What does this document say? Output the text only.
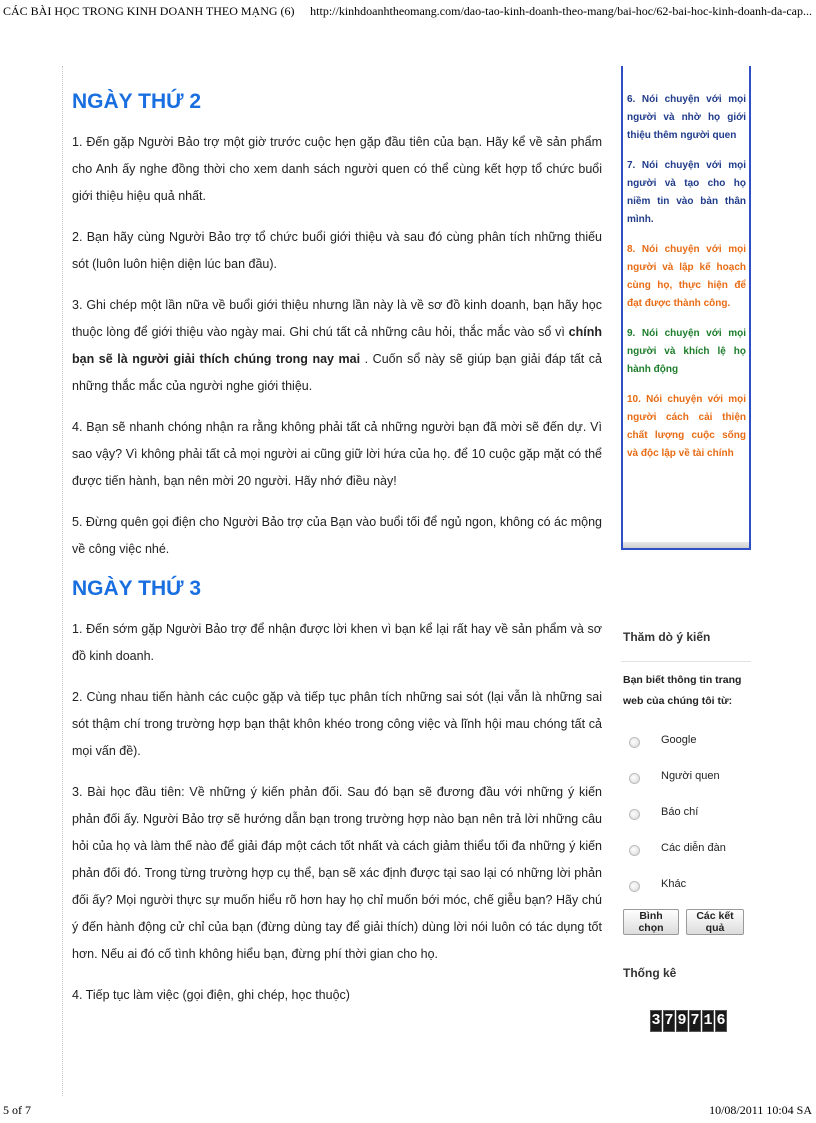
CÁC BÀI HỌC TRONG KINH DOANH THEO MẠNG (6) http://kinhdoanhtheomang.com/dao-tao-kinh-doanh-theo-mang/bai-hoc/62-bai-hoc-kinh-doanh-da-cap...
NGÀY THỨ 2

1. Đến gặp Người Bảo trợ một giờ trước cuộc hẹn gặp đầu tiên của bạn. Hãy kể về sản phẩm cho Anh ấy nghe đồng thời cho xem danh sách người quen có thể cùng kết hợp tổ chức buổi giới thiệu hiệu quả nhất.

2. Bạn hãy cùng Người Bảo trợ tổ chức buổi giới thiệu và sau đó cùng phân tích những thiếu sót (luôn luôn hiện diện lúc ban đầu).

3. Ghi chép một lần nữa về buổi giới thiệu nhưng lần này là về sơ đồ kinh doanh, bạn hãy học thuộc lòng để giới thiệu vào ngày mai. Ghi chú tất cả những câu hỏi, thắc mắc vào sổ vì chính bạn sẽ là người giải thích chúng trong nay mai . Cuốn sổ này sẽ giúp bạn giải đáp tất cả những thắc mắc của người nghe giới thiệu.

4. Bạn sẽ nhanh chóng nhận ra rằng không phải tất cả những người bạn đã mời sẽ đến dự. Vì sao vậy? Vì không phải tất cả mọi người ai cũng giữ lời hứa của họ. để 10 cuộc gặp mặt có thể được tiến hành, bạn nên mời 20 người. Hãy nhớ điều này!

5. Đừng quên gọi điện cho Người Bảo trợ của Bạn vào buổi tối để ngủ ngon, không có ác mộng về công việc nhé.

NGÀY THỨ 3

1. Đến sớm gặp Người Bảo trợ để nhận được lời khen vì bạn kể lại rất hay về sản phẩm và sơ đồ kinh doanh.

2. Cùng nhau tiến hành các cuộc gặp và tiếp tục phân tích những sai sót (lại vẫn là những sai sót thậm chí trong trường hợp bạn thật khôn khéo trong công việc và lĩnh hội mau chóng tất cả mọi vấn đề).

3. Bài học đầu tiên: Về những ý kiến phản đối. Sau đó bạn sẽ đương đầu với những ý kiến phản đối ấy. Người Bảo trợ sẽ hướng dẫn bạn trong trường hợp nào bạn nên trả lời những câu hỏi của họ và làm thế nào để giải đáp một cách tốt nhất và cách giảm thiểu tối đa những ý kiến phản đối đó. Trong từng trường hợp cụ thể, bạn sẽ xác định được tại sao lại có những lời phản đối ấy? Mọi người thực sự muốn hiểu rõ hơn hay họ chỉ muốn bới móc, chế giễu bạn? Hãy chú ý đến hành động cử chỉ của bạn (đừng dùng tay để giải thích) dùng lời nói luôn có tác dụng tốt hơn. Nếu ai đó cố tình không hiểu bạn, đừng phí thời gian cho họ.

4. Tiếp tục làm việc (gọi điện, ghi chép, học thuộc)

6. Nói chuyện với mọi người và nhờ họ giới thiệu thêm người quen
7. Nói chuyện với mọi người và tạo cho họ niềm tin vào bản thân mình.
8. Nói chuyện với mọi người và lập kế hoạch cùng họ, thực hiện để đạt được thành công.
9. Nói chuyện với mọi người và khích lệ họ hành động
10. Nói chuyện với mọi người cách cải thiện chất lượng cuộc sống và độc lập về tài chính
Thăm dò ý kiến
Bạn biết thông tin trang web của chúng tôi từ:
Google
Người quen
Báo chí
Các diễn đàn
Khác
Bình chọn
Các kết quả
Thống kê
3 7 9 7 1 6
5 of 7	10/08/2011 10:04 SA
